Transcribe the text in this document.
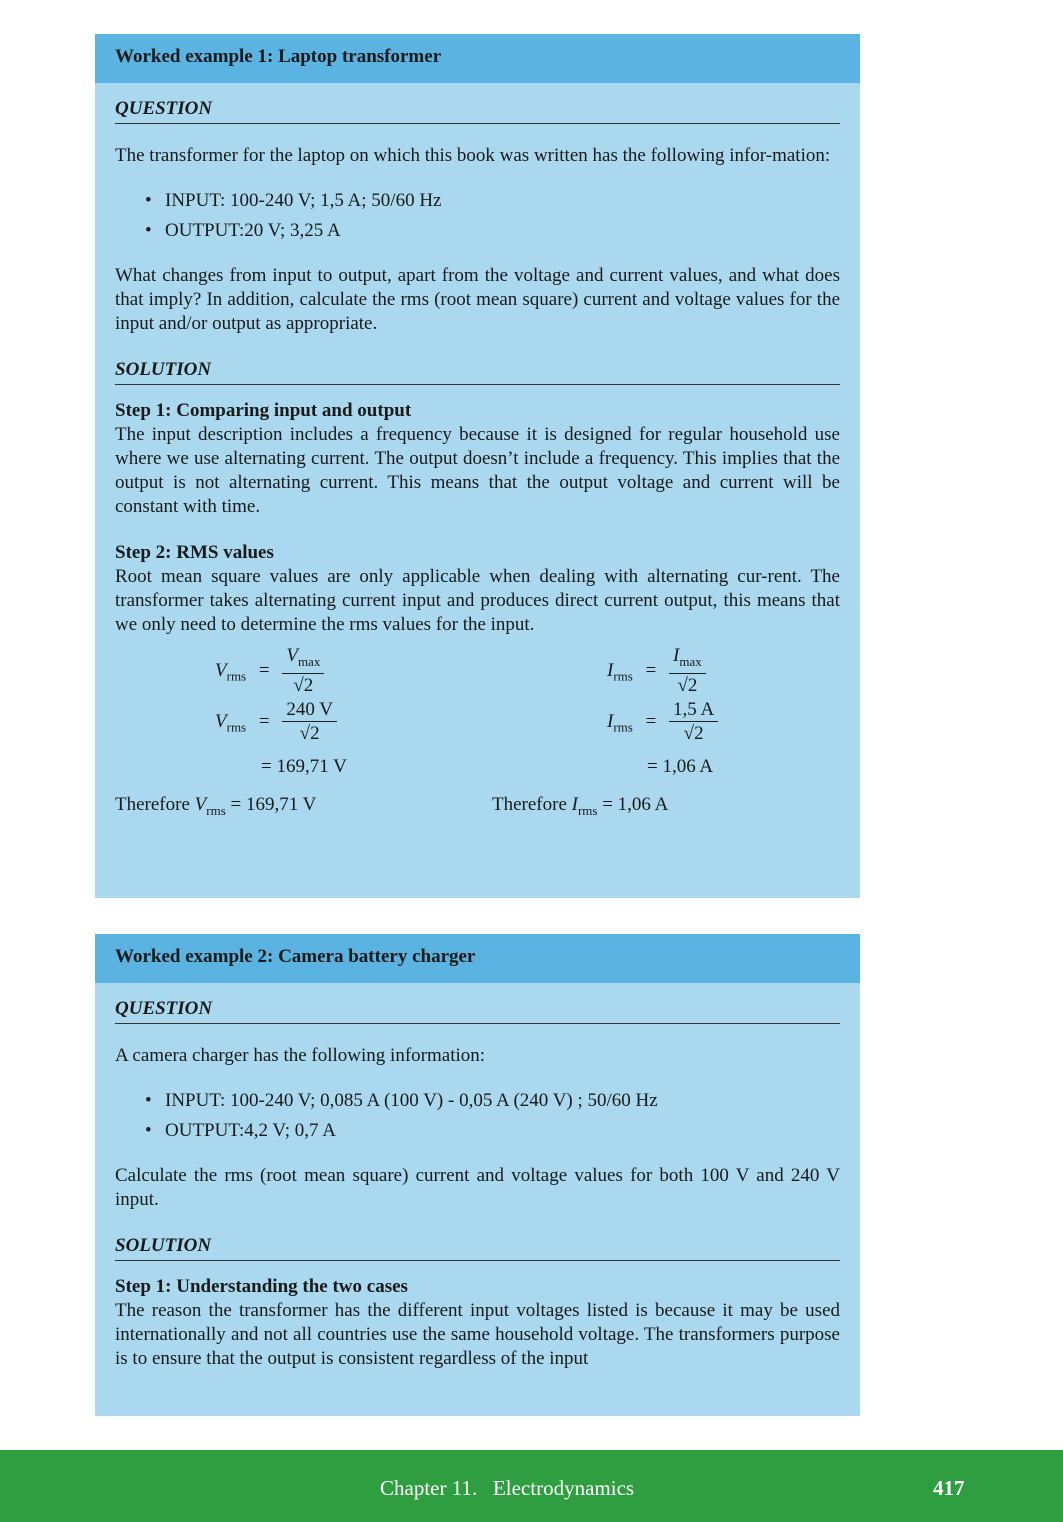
Worked example 1: Laptop transformer
QUESTION

The transformer for the laptop on which this book was written has the following infor-mation:

• INPUT: 100-240 V; 1,5 A; 50/60 Hz
• OUTPUT:20 V; 3,25 A

What changes from input to output, apart from the voltage and current values, and what does that imply? In addition, calculate the rms (root mean square) current and voltage values for the input and/or output as appropriate.

SOLUTION
Step 1: Comparing input and output

The input description includes a frequency because it is designed for regular household use where we use alternating current. The output doesn’t include a frequency. This implies that the output is not alternating current. This means that the output voltage and current will be constant with time.

Step 2: RMS values

Root mean square values are only applicable when dealing with alternating cur-rent. The transformer takes alternating current input and produces direct current output, this means that we only need to determine the rms values for the input.

$V_{rms} = \frac{V_{max}}{√2}$
$V_{rms} = \frac{240 V}{√2}$
= 169,71 V
$I_{rms} = \frac{I_{max}}{√2}$
$I_{rms} = \frac{1,5 A}{√2}$
= 1,06 A
Therefore $V_{rms} = 169,71$ V	Therefore $I_{rms} = 1,06$ A
Worked example 2: Camera battery charger
QUESTION

A camera charger has the following information:

• INPUT: 100-240 V; 0,085 A (100 V) - 0,05 A (240 V) ; 50/60 Hz
• OUTPUT:4,2 V; 0,7 A

Calculate the rms (root mean square) current and voltage values for both 100 V and 240 V input.

SOLUTION
Step 1: Understanding the two cases

The reason the transformer has the different input voltages listed is because it may be used internationally and not all countries use the same household voltage. The transformers purpose is to ensure that the output is consistent regardless of the input

Chapter 11.   Electrodynamics	417
